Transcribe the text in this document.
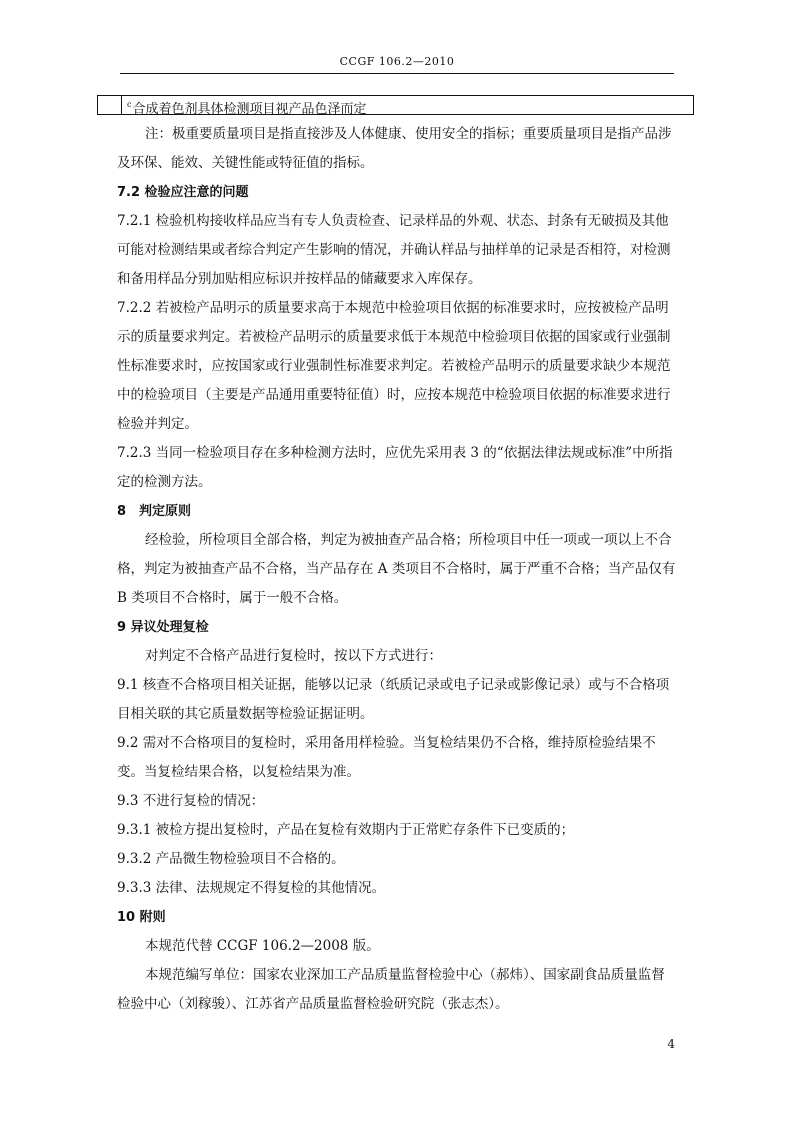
CCGF 106.2—2010
$^c$合成着色剂具体检测项目视产品色泽而定

注：极重要质量项目是指直接涉及人体健康、使用安全的指标；重要质量项目是指产品涉及环保、能效、关键性能或特征值的指标。

7.2 检验应注意的问题

7.2.1 检验机构接收样品应当有专人负责检查、记录样品的外观、状态、封条有无破损及其他可能对检测结果或者综合判定产生影响的情况，并确认样品与抽样单的记录是否相符，对检测和备用样品分别加贴相应标识并按样品的储藏要求入库保存。

7.2.2 若被检产品明示的质量要求高于本规范中检验项目依据的标准要求时，应按被检产品明示的质量要求判定。若被检产品明示的质量要求低于本规范中检验项目依据的国家或行业强制性标准要求时，应按国家或行业强制性标准要求判定。若被检产品明示的质量要求缺少本规范中的检验项目（主要是产品通用重要特征值）时，应按本规范中检验项目依据的标准要求进行检验并判定。

7.2.3 当同一检验项目存在多种检测方法时，应优先采用表 3 的“依据法律法规或标准”中所指定的检测方法。

8　判定原则

经检验，所检项目全部合格，判定为被抽查产品合格；所检项目中任一项或一项以上不合格，判定为被抽查产品不合格，当产品存在 A 类项目不合格时，属于严重不合格；当产品仅有 B 类项目不合格时，属于一般不合格。

9 异议处理复检

对判定不合格产品进行复检时，按以下方式进行：

9.1 核查不合格项目相关证据，能够以记录（纸质记录或电子记录或影像记录）或与不合格项目相关联的其它质量数据等检验证据证明。

9.2 需对不合格项目的复检时，采用备用样检验。当复检结果仍不合格，维持原检验结果不变。当复检结果合格，以复检结果为准。

9.3 不进行复检的情况：

9.3.1 被检方提出复检时，产品在复检有效期内于正常贮存条件下已变质的；

9.3.2 产品微生物检验项目不合格的。

9.3.3 法律、法规规定不得复检的其他情况。

10 附则

本规范代替 CCGF 106.2—2008 版。

本规范编写单位：国家农业深加工产品质量监督检验中心（郝炜）、国家副食品质量监督检验中心（刘稼骏）、江苏省产品质量监督检验研究院（张志杰）。

4
